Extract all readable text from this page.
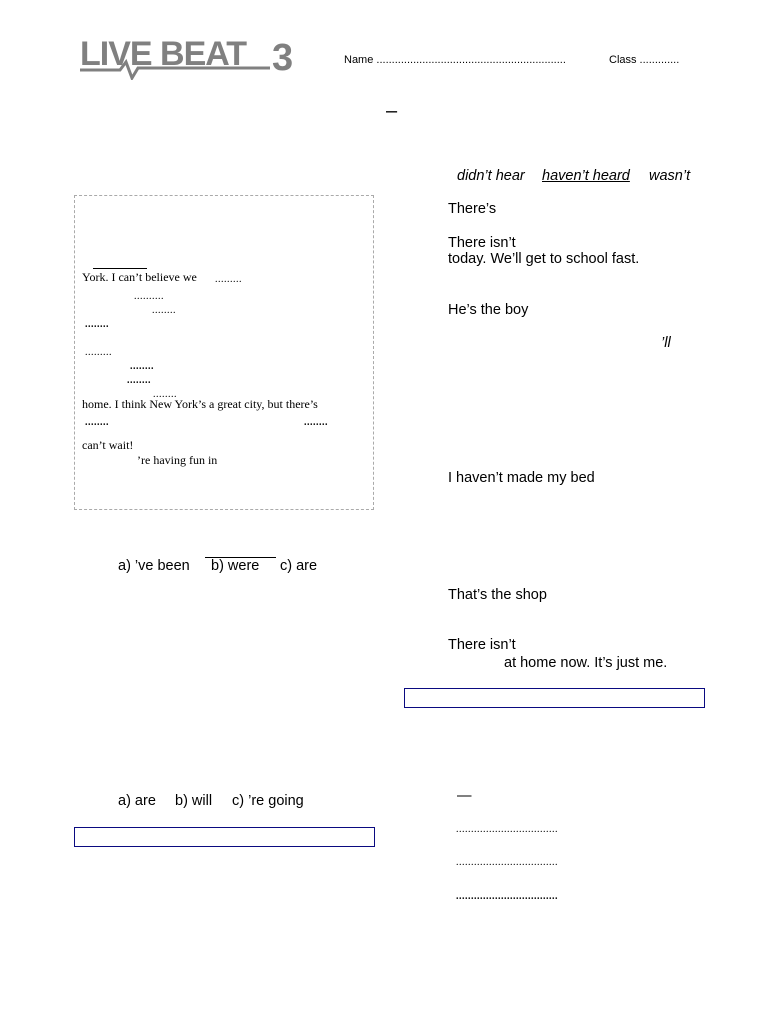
LIVE BEAT 3	Name ..............................................................	Class .............
–
didn’t hear haven’t heard wasn’t
There’s
There isn’t
today. We’ll get to school fast.
He’s the boy
’ll
I haven’t made my bed
That’s the shop
There isn’t
at home now. It’s just me.
—
..................................
..................................
..................................
York. I can’t believe we .........
..........
........
........
.........
........
........
........
home. I think New York’s a great city, but there’s
........	........
can’t wait!
’re having fun in
a) ’ve been b) were c) are
a) are b) will c) ’re going
